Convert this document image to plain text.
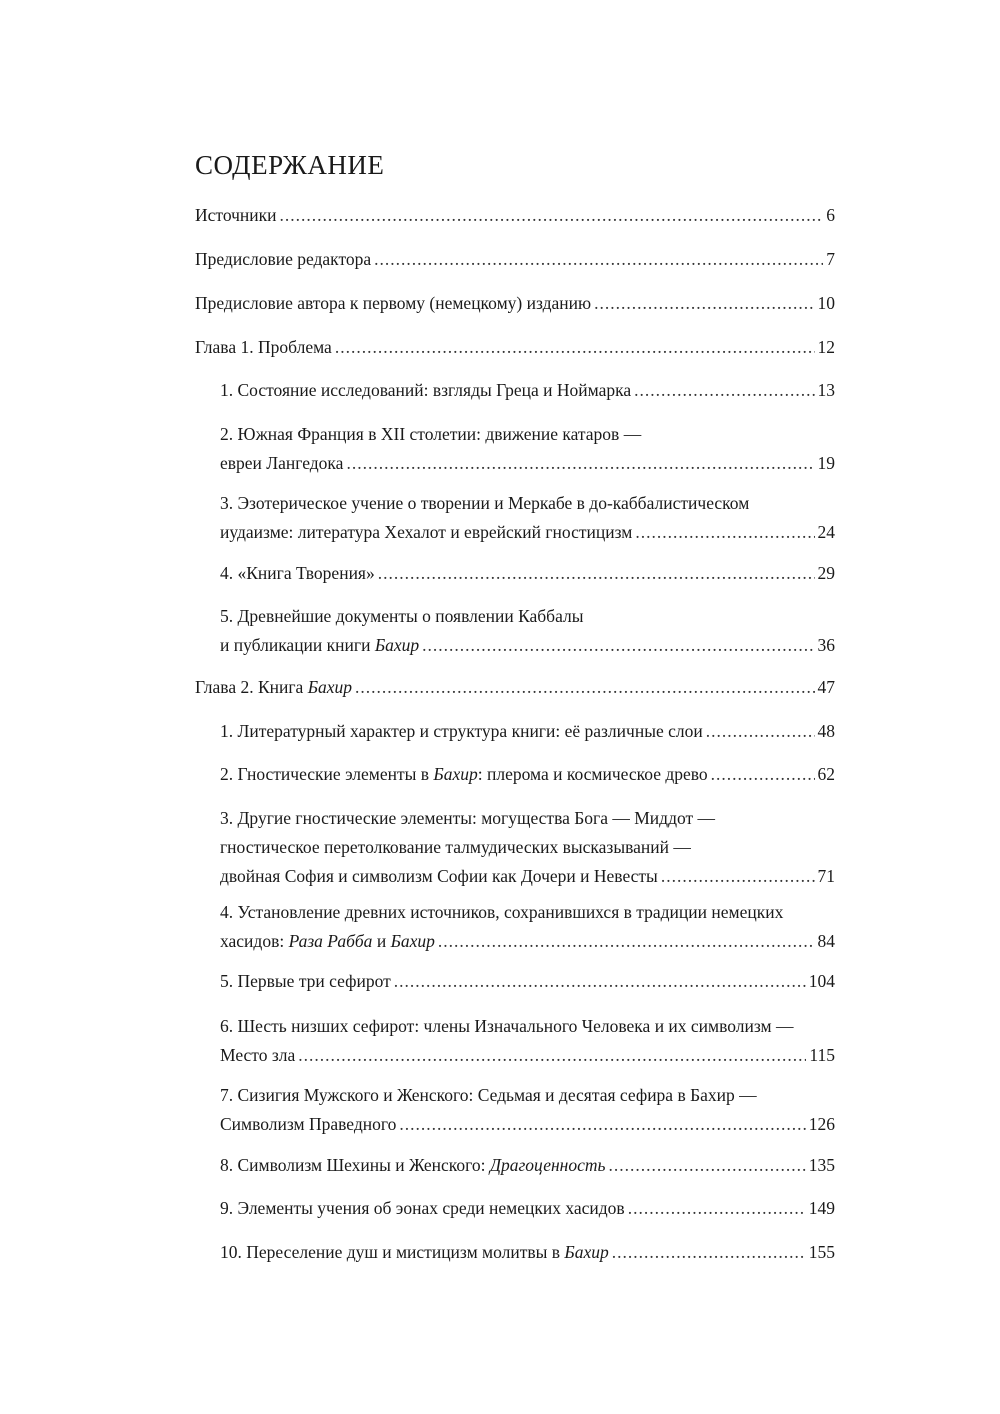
СОДЕРЖАНИЕ
Источники .....	6
Предисловие редактора .....	7
Предисловие автора к первому (немецкому) изданию .....	10
Глава 1. Проблема .....	12
1. Состояние исследований: взгляды Греца и Ноймарка .....	13
2. Южная Франция в XII столетии: движение катаров —
евреи Лангедока .....	19
3. Эзотерическое учение о творении и Меркабе в до-каббалистическом
иудаизме: литература Хехалот и еврейский гностицизм .....	24
4. «Книга Творения» .....	29
5. Древнейшие документы о появлении Каббалы
и публикации книги Бахир .....	36
Глава 2. Книга Бахир .....	47
1. Литературный характер и структура книги: её различные слои .....	48
2. Гностические элементы в Бахир: плерома и космическое древо .....	62
3. Другие гностические элементы: могущества Бога — Миддот —
гностическое перетолкование талмудических высказываний —
двойная София и символизм Софии как Дочери и Невесты .....	71
4. Установление древних источников, сохранившихся в традиции немецких
хасидов: Раза Рабба и Бахир .....	84
5. Первые три сефирот .....	104
6. Шесть низших сефирот: члены Изначального Человека и их символизм —
Место зла .....	115
7. Сизигия Мужского и Женского: Седьмая и десятая сефира в Бахир —
Символизм Праведного .....	126
8. Символизм Шехины и Женского: Драгоценность .....	135
9. Элементы учения об эонах среди немецких хасидов .....	149
10. Переселение душ и мистицизм молитвы в Бахир .....	155
